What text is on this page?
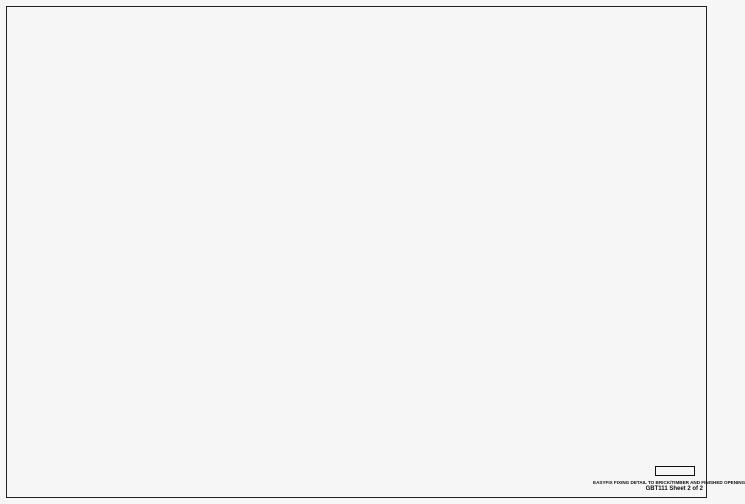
EASYFIX FIXING DETAIL TO BRICK/TIMBER AND FINISHED OPENING
GBT111 Sheet 2 of 2
